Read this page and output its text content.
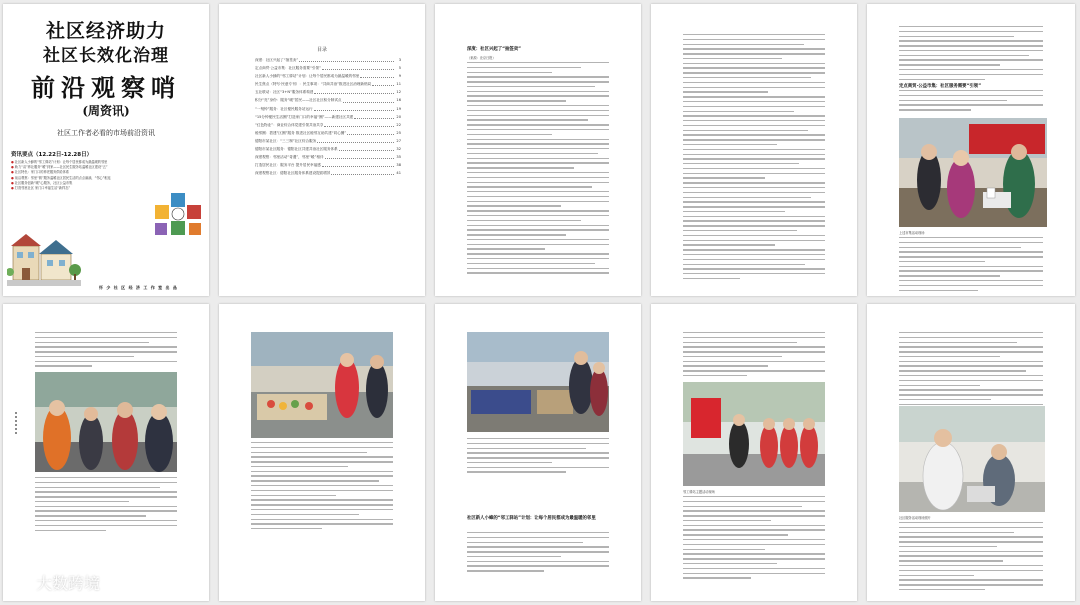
社区经济助力
社区长效化治理
前沿观察哨
(周资讯)
社区工作者必看的市场前沿资讯
资讯要点（12.22日-12.28日）
● 社区新人小蜂的“邻工驿站”计划：让每个居民都成为最温暖的邻里
● 助力“双”养社服务“暖”到家——社区民生服务站温暖社区建设“五”
● 社区特色：家门口的养老服务供给体系
● 前沿观察：邻里“微”服务温暖社区居民生活的点点滴滴，“邻心”相连
● 社区服务创新“暖”心服务，社区公益市集
● 打造邻里社区 家门口幸福生活“新样态”
怀 少 社 区 经 济 工 作 室 出 品
目录
深度：社区兴起了“抽签卖”	3
定点商贸·公益市集：社区服务需要“引领”	5
社区新人小蜂的“邻工驿站”计划：让每个居民都成为最温暖的邻里	9
民生焦点（特写·民意专刊）：民生事项：“共商共治”推进社区治理新格局	11
五社联动：社区“3+N”服务体系构建	12
积分“亮”身份：服务“暖”居民——社区社区积分制试点	16
“一刻钟”服务：社区便民服务站运行	19
“15分钟便民生活圈”打造家门口的幸福“圈”——新建社区共建	20
“红色物业”：商业综合体党建引领共治共享	22
睦邻圈：搭建“区圈”服务 推进社区睦邻互助共建“同心圈”	25
德阳市某社区：“三三制”社区综合服务	27
德阳市某社区服务：德阳社区共建共治社区服务体系	32
深度观察：邻里活动“奇遇”，邻里“暖”相伴	35
打造居民社区：服务平台 提升居民幸福感	38
深度观察社区：德阳社区服务体系建设提质增效	41
深度：社区兴起了“抽签卖”
（来源：北京日报）
定点商贸·公益市集：社区服务需要“引领”
上述市集活动现场
社区新人小蜂的“邻工驿站”计划：让每个居民都成为最温暖的邻里
邻工驿站主题活动现场
社区服务活动现场照片
大数跨境
